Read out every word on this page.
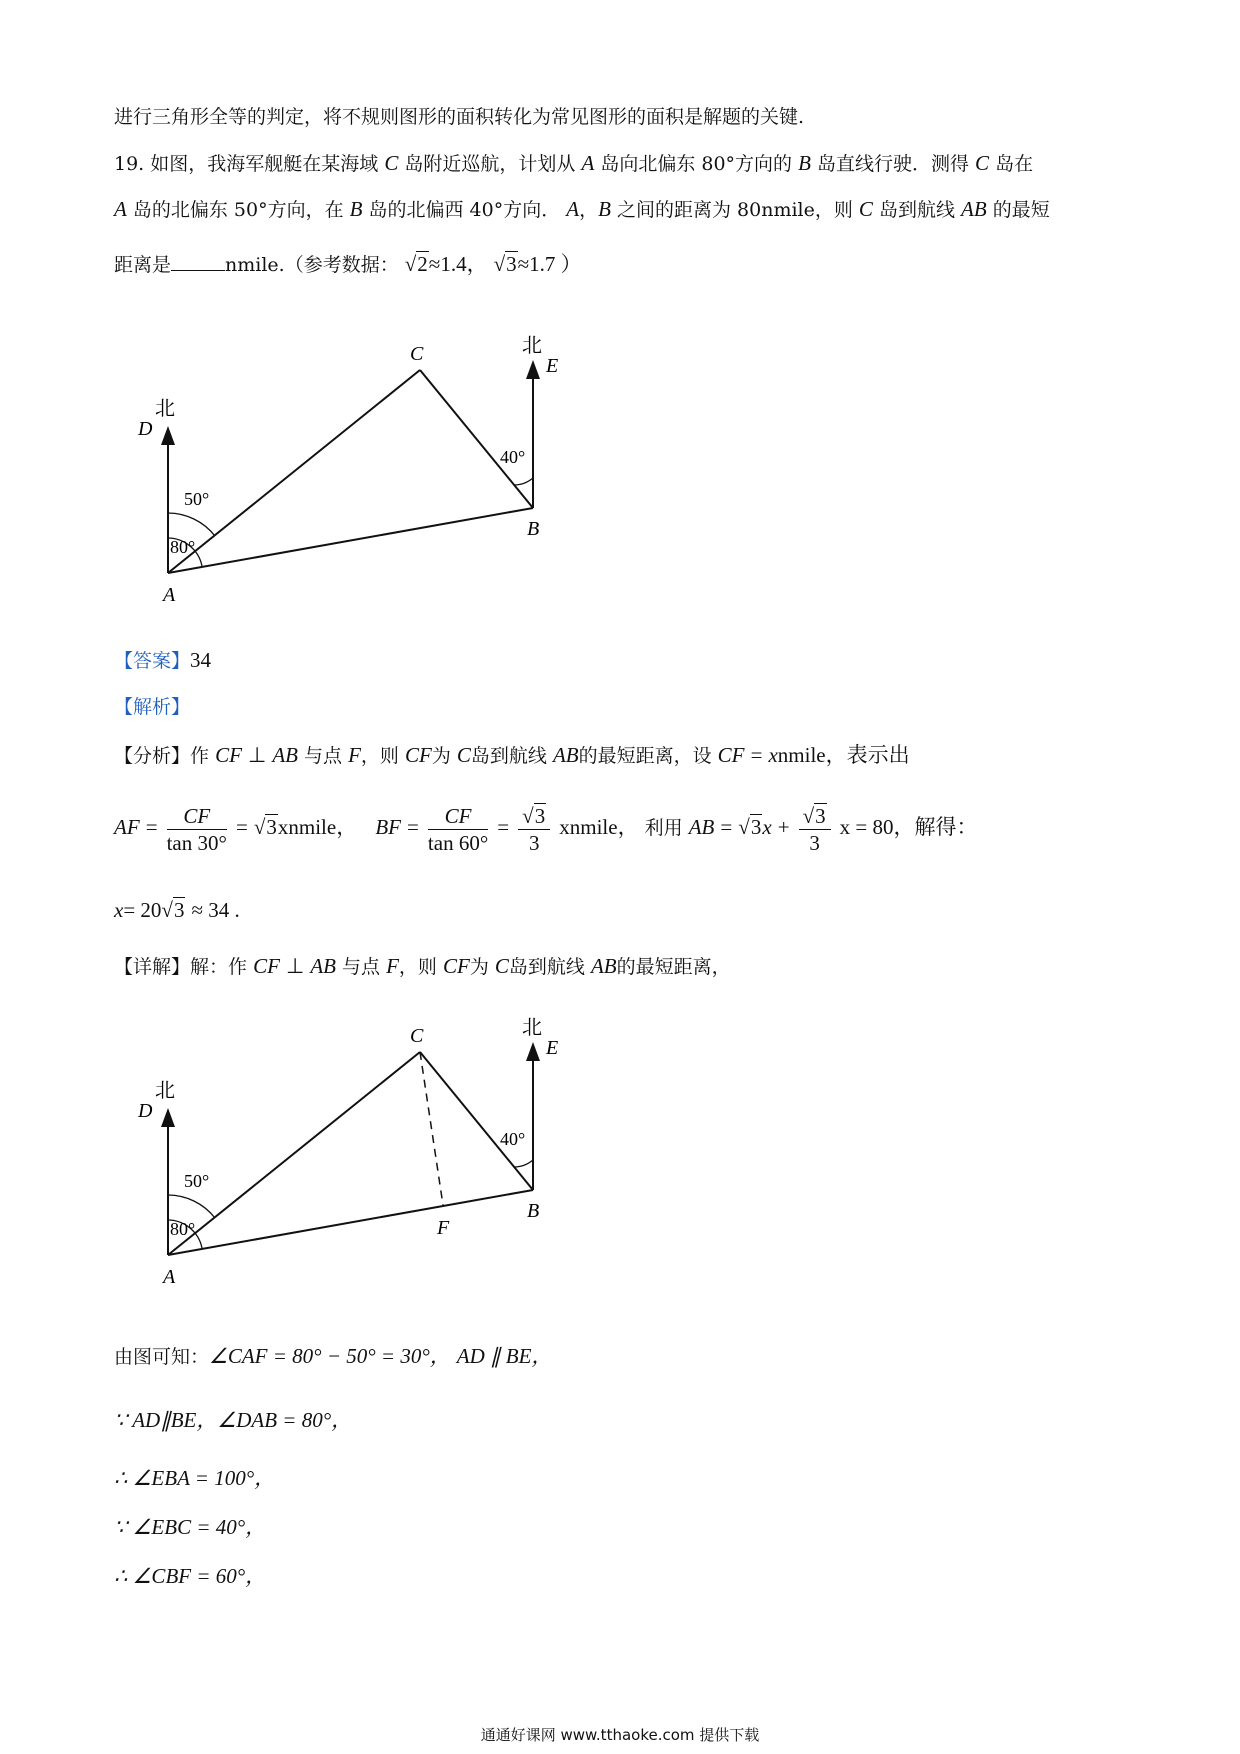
进行三角形全等的判定，将不规则图形的面积转化为常见图形的面积是解题的关键.
19. 如图，我海军舰艇在某海域 C 岛附近巡航，计划从 A 岛向北偏东 80°方向的 B 岛直线行驶．测得 C 岛在
A 岛的北偏东 50°方向，在 B 岛的北偏西 40°方向． A，B 之间的距离为 80nmile，则 C 岛到航线 AB 的最短
距离是	nmile.（参考数据： √2≈1.4， √3≈1.7 ）
北
D
50°
80°
A
C	北
E
40°
B
【答案】34
【解析】
【分析】作 CF ⊥ AB 与点 F，则 CF为 C岛到航线 AB的最短距离，设 CF = xnmile，表示出
AF = $\frac{CF}{\tan 30^\circ}$ = √3xnmile， BF = $\frac{CF}{\tan 60^\circ} = \frac{√3}{3}$ xnmile， 利用 AB = $√3x + \frac{√3}{3}$ x = 80，解得：
x= 20√3 ≈ 34 .
【详解】解：作 CF ⊥ AB 与点 F，则 CF为 C岛到航线 AB的最短距离，
北
D
50°
80°
A
C	北
E
40°
B
F
由图可知：∠CAF = 80° − 50° = 30°， AD ∥ BE，
∵ AD∥BE，∠DAB = 80°，
∴ ∠EBA = 100°，
∵ ∠EBC = 40°，
∴ ∠CBF = 60°，
通通好课网 www.tthaoke.com 提供下载
